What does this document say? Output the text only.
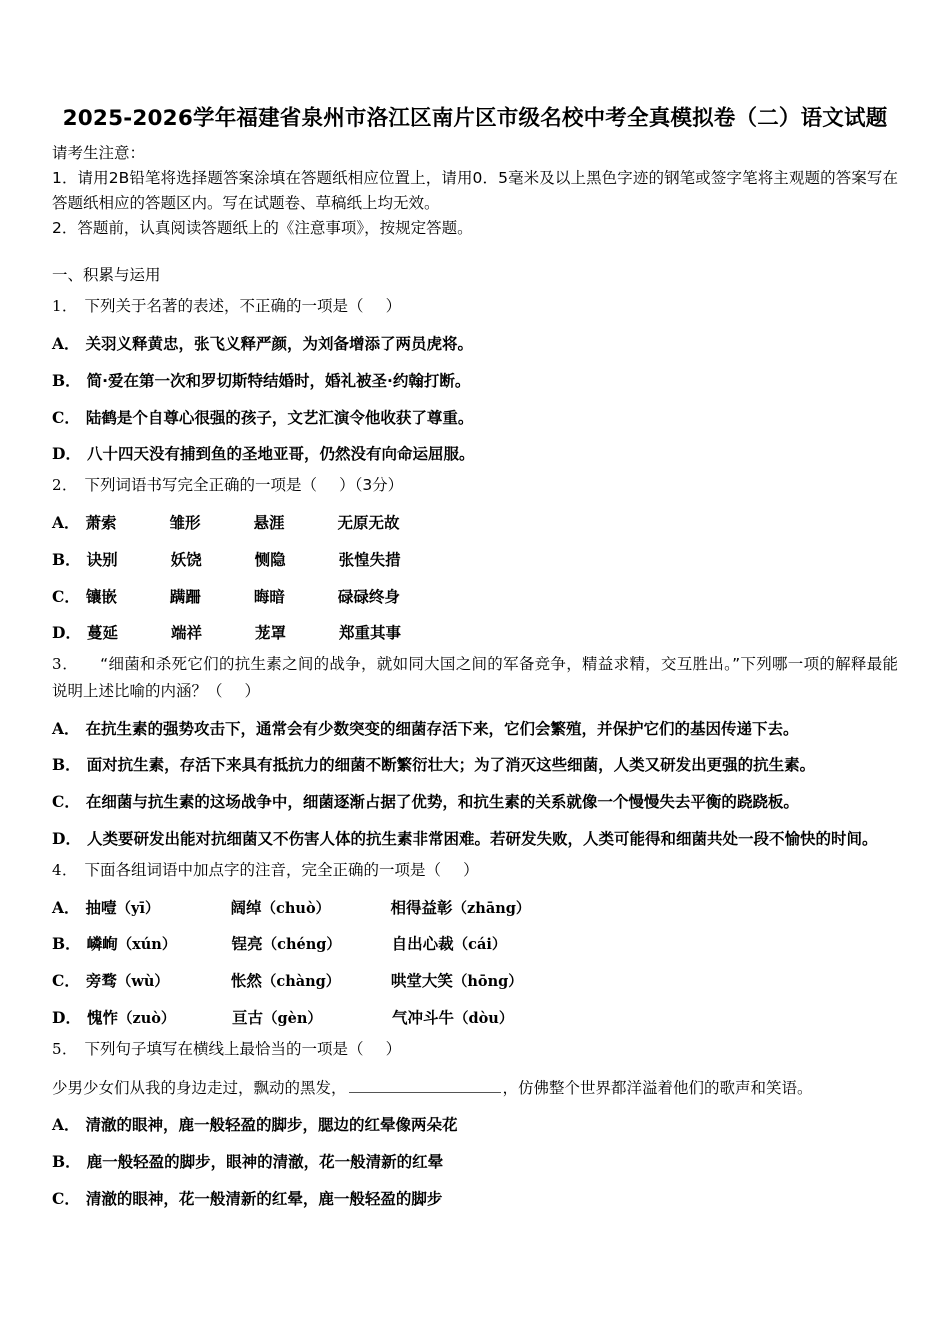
2025-2026学年福建省泉州市洛江区南片区市级名校中考全真模拟卷（二）语文试题

请考生注意：

1．请用2B铅笔将选择题答案涂填在答题纸相应位置上，请用0．5毫米及以上黑色字迹的钢笔或签字笔将主观题的答案写在答题纸相应的答题区内。写在试题卷、草稿纸上均无效。

2．答题前，认真阅读答题纸上的《注意事项》，按规定答题。

一、积累与运用

1． 下列关于名著的表述，不正确的一项是（ ）

A． 关羽义释黄忠，张飞义释严颜，为刘备增添了两员虎将。

B． 简·爱在第一次和罗切斯特结婚时，婚礼被圣·约翰打断。

C． 陆鹤是个自尊心很强的孩子，文艺汇演令他收获了尊重。

D． 八十四天没有捕到鱼的圣地亚哥，仍然没有向命运屈服。

2． 下列词语书写完全正确的一项是（ ）（3分）

A． 萧索	雏形	悬涯	无原无故
B． 诀别	妖饶	恻隐	张惶失措
C． 镶嵌	蹒跚	晦暗	碌碌终身
D． 蔓延	端祥	茏罩	郑重其事

3． “细菌和杀死它们的抗生素之间的战争，就如同大国之间的军备竞争，精益求精，交互胜出。”下列哪一项的解释最能说明上述比喻的内涵？（ ）

A． 在抗生素的强势攻击下，通常会有少数突变的细菌存活下来，它们会繁殖，并保护它们的基因传递下去。

B． 面对抗生素，存活下来具有抵抗力的细菌不断繁衍壮大；为了消灭这些细菌，人类又研发出更强的抗生素。

C． 在细菌与抗生素的这场战争中，细菌逐渐占据了优势，和抗生素的关系就像一个慢慢失去平衡的跷跷板。

D． 人类要研发出能对抗细菌又不伤害人体的抗生素非常困难。若研发失败，人类可能得和细菌共处一段不愉快的时间。

4． 下面各组词语中加点字的注音，完全正确的一项是（ ）

A． 抽噎（yī）	阔绰（chuò）	相得益彰（zhāng）
B． 嶙峋（xún）	锃亮（chéng）	自出心裁（cái）
C． 旁骛（wù）	怅然（chàng）	哄堂大笑（hōng）
D． 愧怍（zuò）	亘古（gèn）	气冲斗牛（dòu）

5． 下列句子填写在横线上最恰当的一项是（ ）

少男少女们从我的身边走过，飘动的黑发，	，仿佛整个世界都洋溢着他们的歌声和笑语。

A． 清澈的眼神，鹿一般轻盈的脚步，腮边的红晕像两朵花

B． 鹿一般轻盈的脚步，眼神的清澈，花一般清新的红晕

C． 清澈的眼神，花一般清新的红晕，鹿一般轻盈的脚步
